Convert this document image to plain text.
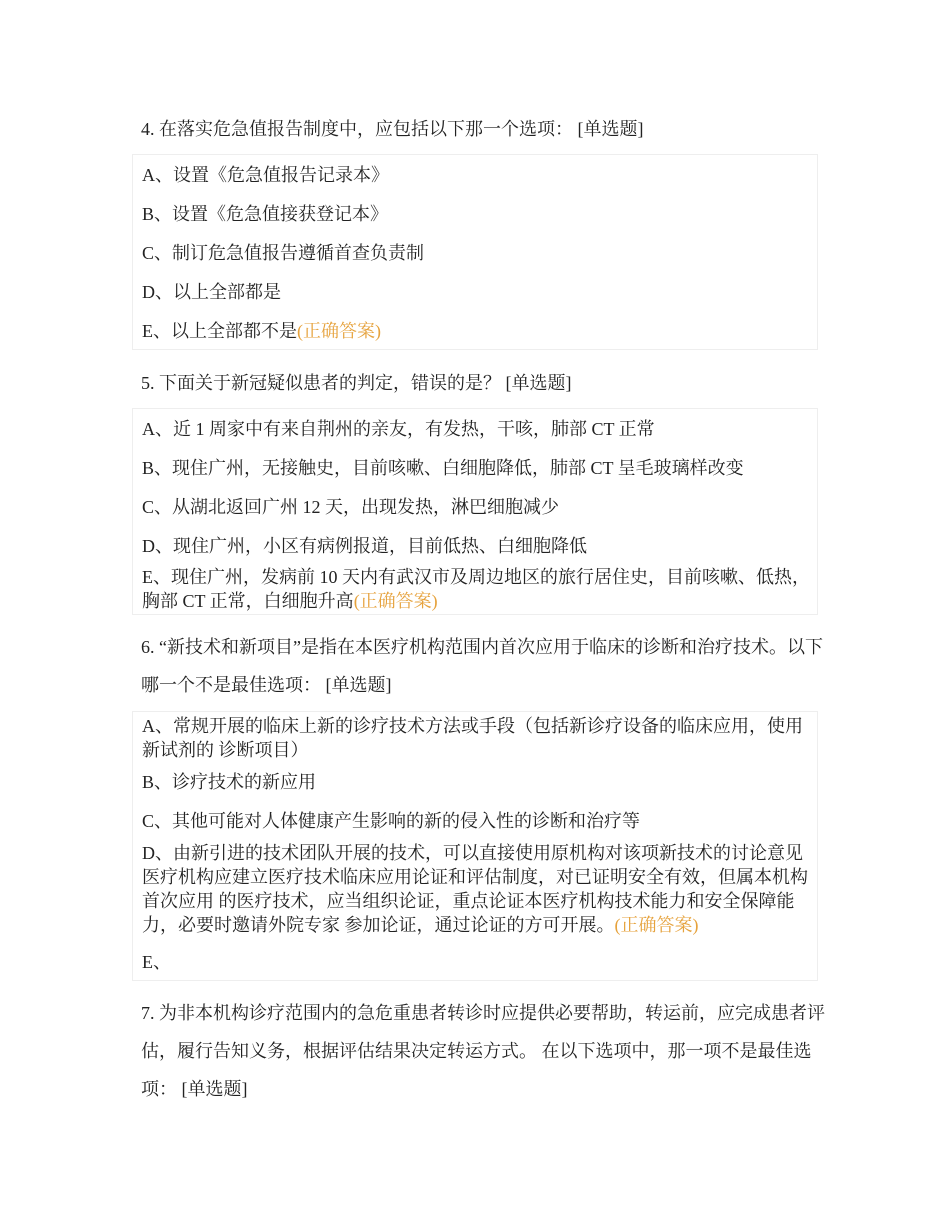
4. 在落实危急值报告制度中，应包括以下那一个选项： [单选题]
A、设置《危急值报告记录本》
B、设置《危急值接获登记本》
C、制订危急值报告遵循首查负责制
D、以上全部都是
E、以上全部都不是(正确答案)
5. 下面关于新冠疑似患者的判定，错误的是？ [单选题]
A、近 1 周家中有来自荆州的亲友，有发热，干咳，肺部 CT 正常
B、现住广州，无接触史，目前咳嗽、白细胞降低，肺部 CT 呈毛玻璃样改变
C、从湖北返回广州 12 天，出现发热，淋巴细胞减少
D、现住广州，小区有病例报道，目前低热、白细胞降低
E、现住广州，发病前 10 天内有武汉市及周边地区的旅行居住史，目前咳嗽、低热，胸部 CT 正常，白细胞升高(正确答案)
6. “新技术和新项目”是指在本医疗机构范围内首次应用于临床的诊断和治疗技术。以下哪一个不是最佳选项： [单选题]
A、常规开展的临床上新的诊疗技术方法或手段（包括新诊疗设备的临床应用，使用新试剂的 诊断项目）
B、诊疗技术的新应用
C、其他可能对人体健康产生影响的新的侵入性的诊断和治疗等
D、由新引进的技术团队开展的技术，可以直接使用原机构对该项新技术的讨论意见 医疗机构应建立医疗技术临床应用论证和评估制度，对已证明安全有效，但属本机构首次应用 的医疗技术，应当组织论证，重点论证本医疗机构技术能力和安全保障能力，必要时邀请外院专家 参加论证，通过论证的方可开展。(正确答案)
E、
7. 为非本机构诊疗范围内的急危重患者转诊时应提供必要帮助，转运前，应完成患者评估，履行告知义务，根据评估结果决定转运方式。 在以下选项中，那一项不是最佳选项： [单选题]
